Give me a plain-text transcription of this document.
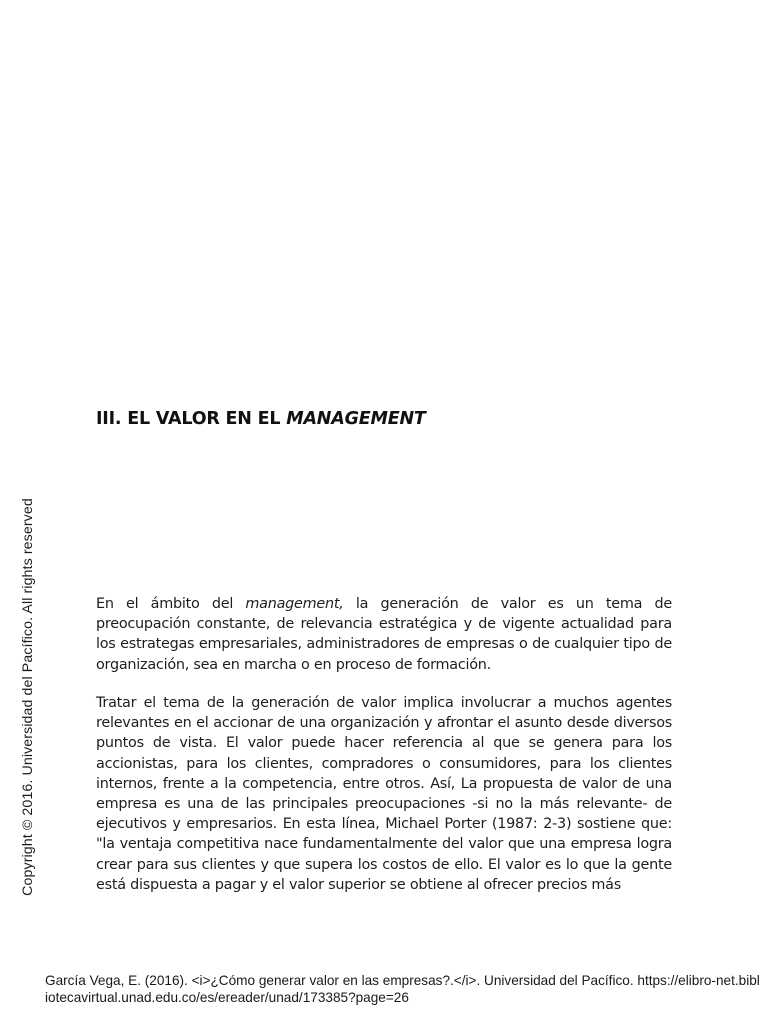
III. EL VALOR EN EL MANAGEMENT

En el ámbito del management, la generación de valor es un tema de preocupación constante, de relevancia estratégica y de vigente actualidad para los estrategas empresariales, administradores de empresas o de cualquier tipo de organización, sea en marcha o en proceso de formación.

Tratar el tema de la generación de valor implica involucrar a muchos agentes relevantes en el accionar de una organización y afrontar el asunto desde diversos puntos de vista. El valor puede hacer referencia al que se genera para los accionistas, para los clientes, compradores o consumidores, para los clientes internos, frente a la competencia, entre otros. Así, La propuesta de valor de una empresa es una de las principales preocupaciones -si no la más relevante- de ejecutivos y empresarios. En esta línea, Michael Porter (1987: 2-3) sostiene que: "la ventaja competitiva nace fundamentalmente del valor que una empresa logra crear para sus clientes y que supera los costos de ello. El valor es lo que la gente está dispuesta a pagar y el valor superior se obtiene al ofrecer precios más

Copyright © 2016. Universidad del Pacífico. All rights reserved

García Vega, E. (2016). <i>¿Cómo generar valor en las empresas?.</i>. Universidad del Pacífico. https://elibro-net.bibliotecavirtual.unad.edu.co/es/ereader/unad/173385?page=26
